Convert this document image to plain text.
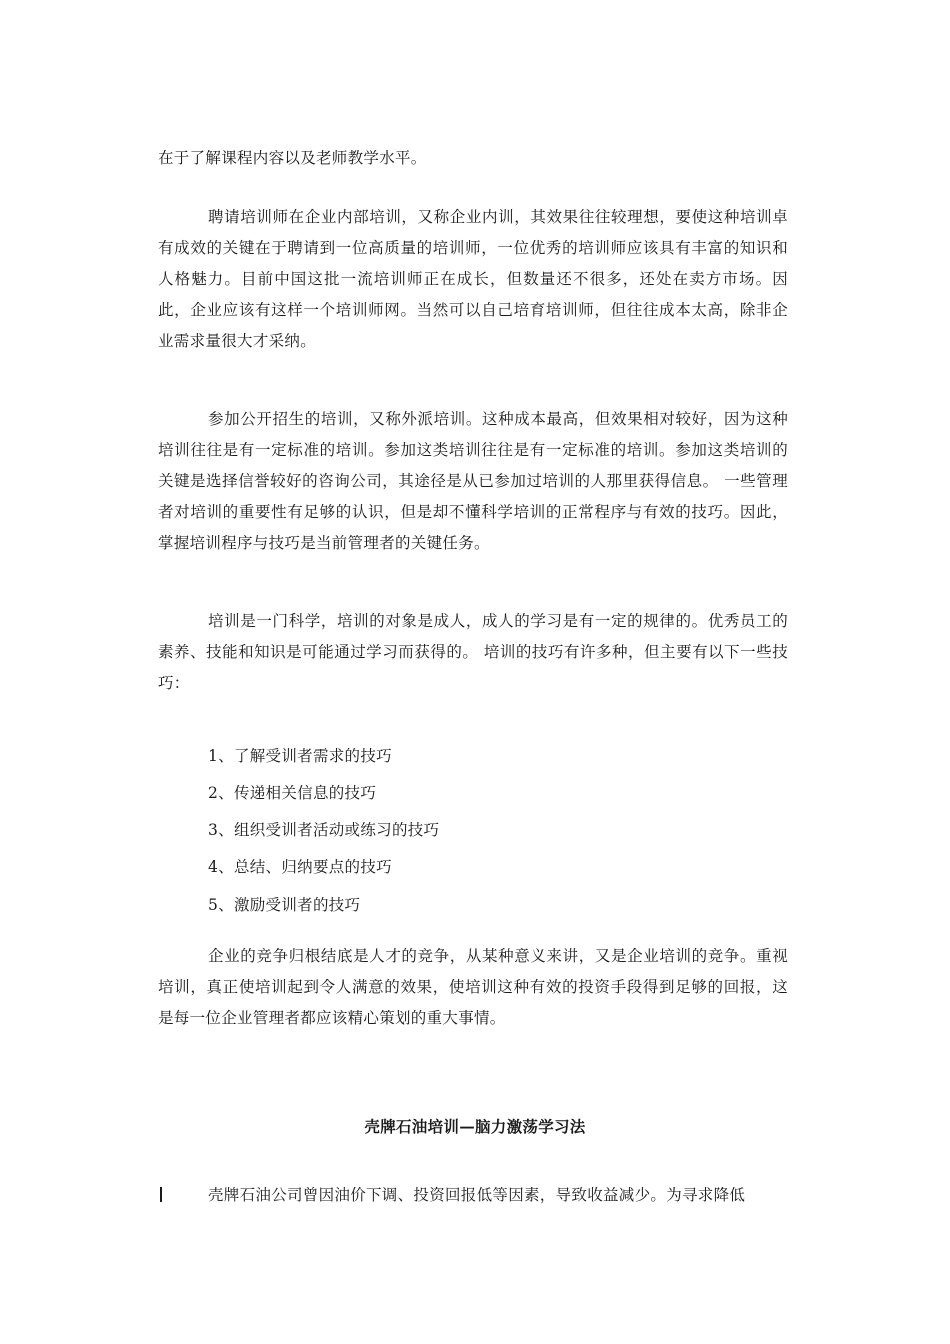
在于了解课程内容以及老师教学水平。

聘请培训师在企业内部培训，又称企业内训，其效果往往较理想，要使这种培训卓有成效的关键在于聘请到一位高质量的培训师，一位优秀的培训师应该具有丰富的知识和人格魅力。目前中国这批一流培训师正在成长，但数量还不很多，还处在卖方市场。因此，企业应该有这样一个培训师网。当然可以自己培育培训师，但往往成本太高，除非企业需求量很大才采纳。

参加公开招生的培训，又称外派培训。这种成本最高，但效果相对较好，因为这种培训往往是有一定标准的培训。参加这类培训往往是有一定标准的培训。参加这类培训的关键是选择信誉较好的咨询公司，其途径是从已参加过培训的人那里获得信息。 一些管理者对培训的重要性有足够的认识，但是却不懂科学培训的正常程序与有效的技巧。因此，掌握培训程序与技巧是当前管理者的关键任务。

培训是一门科学，培训的对象是成人，成人的学习是有一定的规律的。优秀员工的素养、技能和知识是可能通过学习而获得的。 培训的技巧有许多种，但主要有以下一些技巧：

1、了解受训者需求的技巧

2、传递相关信息的技巧

3、组织受训者活动或练习的技巧

4、总结、归纳要点的技巧

5、激励受训者的技巧

企业的竞争归根结底是人才的竞争，从某种意义来讲，又是企业培训的竞争。重视培训，真正使培训起到令人满意的效果，使培训这种有效的投资手段得到足够的回报，这是每一位企业管理者都应该精心策划的重大事情。

壳牌石油培训—脑力激荡学习法

壳牌石油公司曾因油价下调、投资回报低等因素，导致收益减少。为寻求降低
